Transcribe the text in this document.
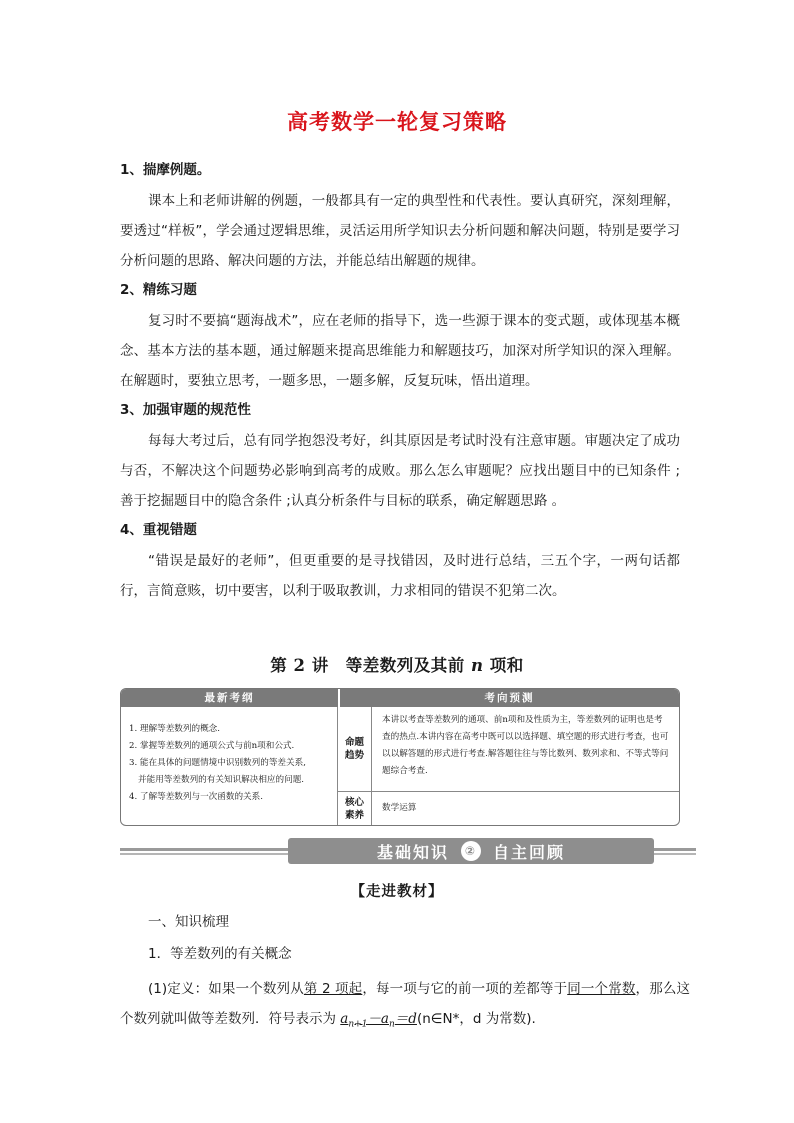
高考数学一轮复习策略
1、揣摩例题。
课本上和老师讲解的例题，一般都具有一定的典型性和代表性。要认真研究，深刻理解，要透过“样板”，学会通过逻辑思维，灵活运用所学知识去分析问题和解决问题，特别是要学习分析问题的思路、解决问题的方法，并能总结出解题的规律。
2、精练习题
复习时不要搞“题海战术”，应在老师的指导下，选一些源于课本的变式题，或体现基本概念、基本方法的基本题，通过解题来提高思维能力和解题技巧，加深对所学知识的深入理解。在解题时，要独立思考，一题多思，一题多解，反复玩味，悟出道理。
3、加强审题的规范性
每每大考过后，总有同学抱怨没考好，纠其原因是考试时没有注意审题。审题决定了成功与否，不解决这个问题势必影响到高考的成败。那么怎么审题呢？应找出题目中的已知条件 ;善于挖掘题目中的隐含条件 ;认真分析条件与目标的联系，确定解题思路 。
4、重视错题
“错误是最好的老师”，但更重要的是寻找错因，及时进行总结，三五个字，一两句话都行，言简意赅，切中要害，以利于吸取教训，力求相同的错误不犯第二次。
第 2 讲　等差数列及其前 n 项和
最新考纲	考向预测
1. 理解等差数列的概念.
2. 掌握等差数列的通项公式与前n项和公式.
3. 能在具体的问题情境中识别数列的等差关系,
并能用等差数列的有关知识解决相应的问题.
4. 了解等差数列与一次函数的关系.
命题趋势
本讲以考查等差数列的通项、前n项和及性质为主，等差数列的证明也是考查的热点.本讲内容在高考中既可以以选择题、填空题的形式进行考查，也可以以解答题的形式进行考查.解答题往往与等比数列、数列求和、不等式等问题综合考查.
核心素养
数学运算
基础知识	② 自主回顾
【走进教材】
一、知识梳理
1．等差数列的有关概念
(1)定义：如果一个数列从第 2 项起，每一项与它的前一项的差都等于同一个常数，那么这个数列就叫做等差数列．符号表示为 $a_{n+1}-a_n=d(n\in N*$，d 为常数).
